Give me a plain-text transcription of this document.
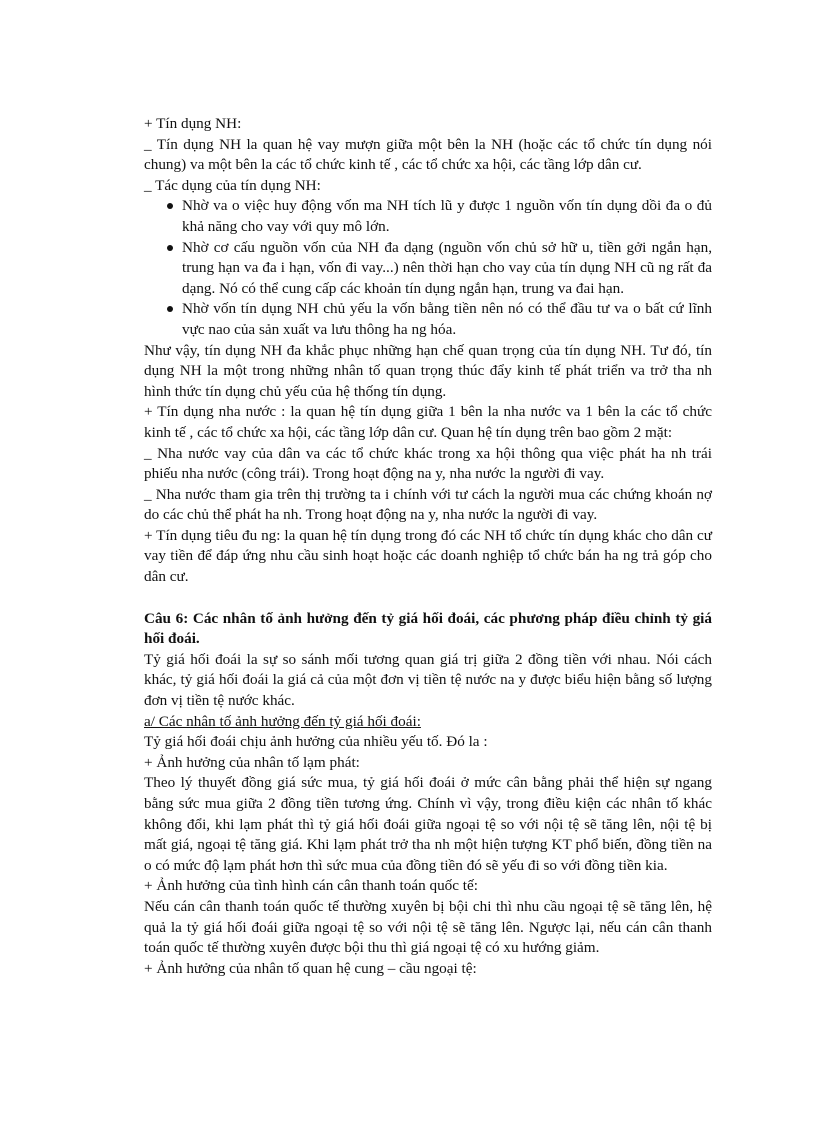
+ Tín dụng NH:

_ Tín dụng NH la quan hệ vay mượn giữa một bên la NH (hoặc các tổ chức tín dụng nói chung) va một bên la các tổ chức kinh tế , các tổ chức xa hội, các tầng lớp dân cư.

_ Tác dụng của tín dụng NH:

Nhờ va o việc huy động vốn ma NH tích lũ y được 1 nguồn vốn tín dụng dồi đa o đủ khả năng cho vay với quy mô lớn.
Nhờ cơ cấu nguồn vốn của NH đa dạng (nguồn vốn chủ sở hữ u, tiền gởi ngắn hạn, trung hạn va đa i hạn, vốn đi vay...) nên thời hạn cho vay của tín dụng NH cũ ng rất đa dạng. Nó có thể cung cấp các khoản tín dụng ngắn hạn, trung va đai hạn.
Nhờ vốn tín dụng NH chủ yếu la vốn bằng tiền nên nó có thể đầu tư va o bất cứ lĩnh vực nao của sản xuất va lưu thông ha ng hóa.

Như vậy, tín dụng NH đa khắc phục những hạn chế quan trọng của tín dụng NH. Tư đó, tín dụng NH la một trong những nhân tố quan trọng thúc đẩy kinh tế phát triển va trở tha nh hình thức tín dụng chủ yếu của hệ thống tín dụng.

+ Tín dụng nha nước : la quan hệ tín dụng giữa 1 bên la nha nước va 1 bên la các tổ chức kinh tế , các tổ chức xa hội, các tầng lớp dân cư. Quan hệ tín dụng trên bao gồm 2 mặt:

_ Nha nước vay của dân va các tổ chức khác trong xa hội thông qua việc phát ha nh trái phiếu nha nước (công trái). Trong hoạt động na y, nha nước la người đi vay.

_ Nha nước tham gia trên thị trường ta i chính với tư cách la người mua các chứng khoán nợ do các chủ thể phát ha nh. Trong hoạt động na y, nha nước la người đi vay.

+ Tín dụng tiêu đu ng: la quan hệ tín dụng trong đó các NH tổ chức tín dụng khác cho dân cư vay tiền để đáp ứng nhu cầu sinh hoạt hoặc các doanh nghiệp tổ chức bán ha ng trả góp cho dân cư.

Câu 6: Các nhân tố ảnh hưởng đến tỷ giá hối đoái, các phương pháp điều chỉnh tỷ giá hối đoái.

Tỷ giá hối đoái la sự so sánh mối tương quan giá trị giữa 2 đồng tiền với nhau. Nói cách khác, tỷ giá hối đoái la giá cả của một đơn vị tiền tệ nước na y được biểu hiện bằng số lượng đơn vị tiền tệ nước khác.

a/ Các nhân tố ảnh hưởng đến tỷ giá hối đoái:

Tỷ giá hối đoái chịu ảnh hưởng của nhiều yếu tố. Đó la :

+ Ảnh hưởng của nhân tố lạm phát:

Theo lý thuyết đồng giá sức mua, tỷ giá hối đoái ở mức cân bằng phải thể hiện sự ngang bằng sức mua giữa 2 đồng tiền tương ứng. Chính vì vậy, trong điều kiện các nhân tố khác không đổi, khi lạm phát thì tỷ giá hối đoái giữa ngoại tệ so với nội tệ sẽ tăng lên, nội tệ bị mất giá, ngoại tệ tăng giá. Khi lạm phát trở tha nh một hiện tượng KT phổ biến, đồng tiền na o có mức độ lạm phát hơn thì sức mua của đồng tiền đó sẽ yếu đi so với đồng tiền kia.

+ Ảnh hưởng của tình hình cán cân thanh toán quốc tế:

Nếu cán cân thanh toán quốc tế thường xuyên bị bội chi thì nhu cầu ngoại tệ sẽ tăng lên, hệ quả la tỷ giá hối đoái giữa ngoại tệ so với nội tệ sẽ tăng lên. Ngược lại, nếu cán cân thanh toán quốc tế thường xuyên được bội thu thì giá ngoại tệ có xu hướng giảm.

+ Ảnh hưởng của nhân tố quan hệ cung – cầu ngoại tệ:
